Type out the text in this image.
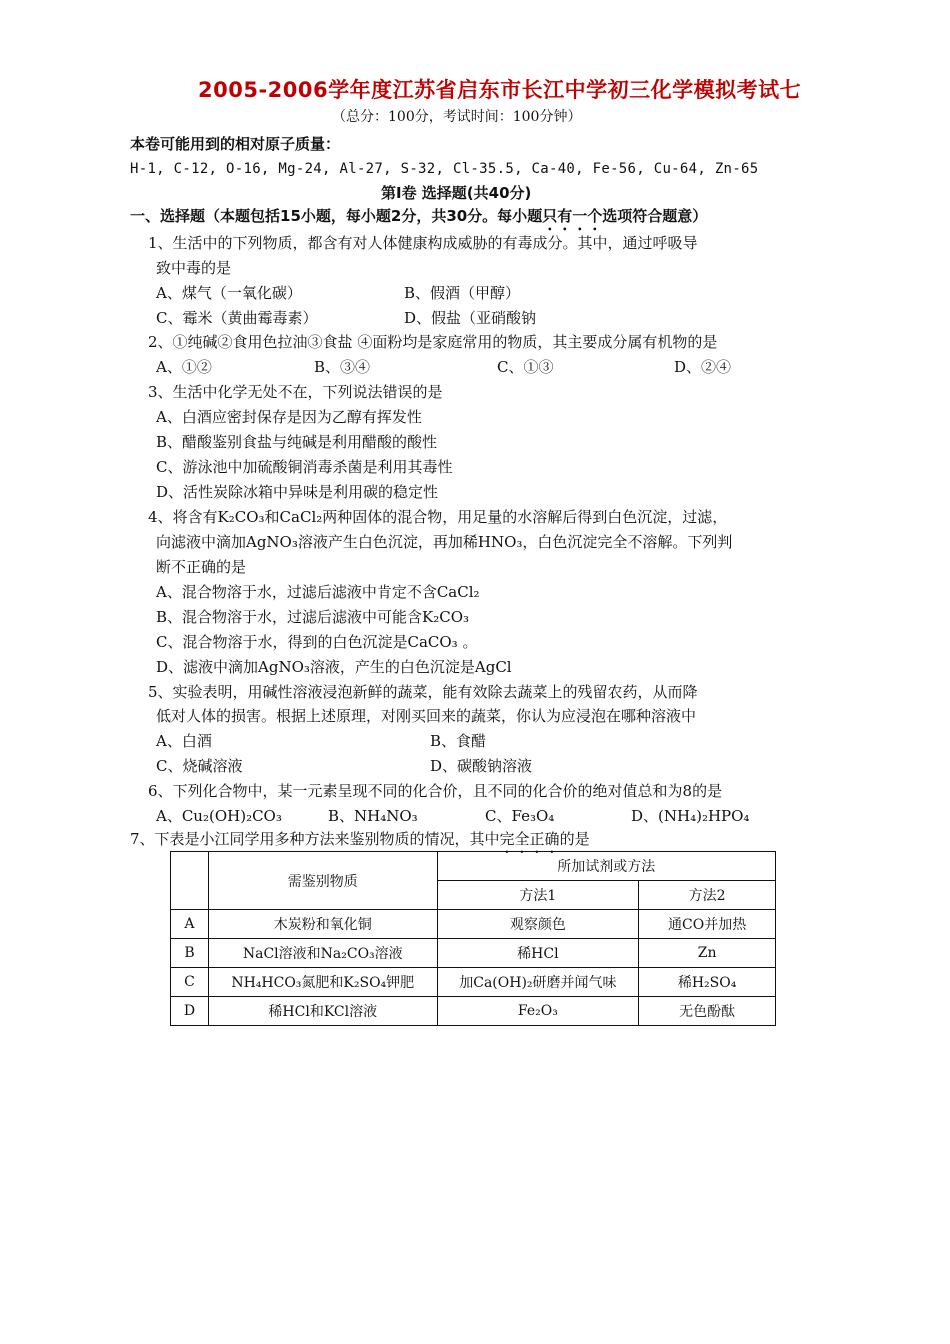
2005-2006学年度江苏省启东市长江中学初三化学模拟考试七
（总分：100分，考试时间：100分钟）
本卷可能用到的相对原子质量：
H-1, C-12, O-16, Mg-24, Al-27, S-32, Cl-35.5, Ca-40, Fe-56, Cu-64, Zn-65
第Ⅰ卷 选择题(共40分)
一、选择题（本题包括15小题，每小题2分，共30分。每小题只有一个选项符合题意）
1、生活中的下列物质，都含有对人体健康构成威胁的有毒成分。其中，通过呼吸导
致中毒的是
A、煤气（一氧化碳）	B、假酒（甲醇）
C、霉米（黄曲霉毒素）	D、假盐（亚硝酸钠
2、①纯碱②食用色拉油③食盐 ④面粉均是家庭常用的物质，其主要成分属有机物的是
A、①②	B、③④	C、①③	D、②④
3、生活中化学无处不在，下列说法错误的是
A、白酒应密封保存是因为乙醇有挥发性
B、醋酸鉴别食盐与纯碱是利用醋酸的酸性
C、游泳池中加硫酸铜消毒杀菌是利用其毒性
D、活性炭除冰箱中异味是利用碳的稳定性
4、将含有K₂CO₃和CaCl₂两种固体的混合物，用足量的水溶解后得到白色沉淀，过滤，
向滤液中滴加AgNO₃溶液产生白色沉淀，再加稀HNO₃，白色沉淀完全不溶解。下列判
断不正确的是
A、混合物溶于水，过滤后滤液中肯定不含CaCl₂
B、混合物溶于水，过滤后滤液中可能含K₂CO₃
C、混合物溶于水，得到的白色沉淀是CaCO₃ 。
D、滤液中滴加AgNO₃溶液，产生的白色沉淀是AgCl
5、实验表明，用碱性溶液浸泡新鲜的蔬菜，能有效除去蔬菜上的残留农药，从而降
低对人体的损害。根据上述原理，对刚买回来的蔬菜，你认为应浸泡在哪种溶液中
A、白酒	B、食醋
C、烧碱溶液	D、碳酸钠溶液
6、下列化合物中，某一元素呈现不同的化合价，且不同的化合价的绝对值总和为8的是
A、Cu₂(OH)₂CO₃	B、NH₄NO₃	C、Fe₃O₄	D、(NH₄)₂HPO₄
7、下表是小江同学用多种方法来鉴别物质的情况，其中完全正确的是
	需鉴别物质	所加试剂或方法	
		方法1	方法2
A	木炭粉和氧化铜	观察颜色	通CO并加热
B	NaCl溶液和Na₂CO₃溶液	稀HCl	Zn
C	NH₄HCO₃氮肥和K₂SO₄钾肥	加Ca(OH)₂研磨并闻气味	稀H₂SO₄
D	稀HCl和KCl溶液	Fe₂O₃	无色酚酞
